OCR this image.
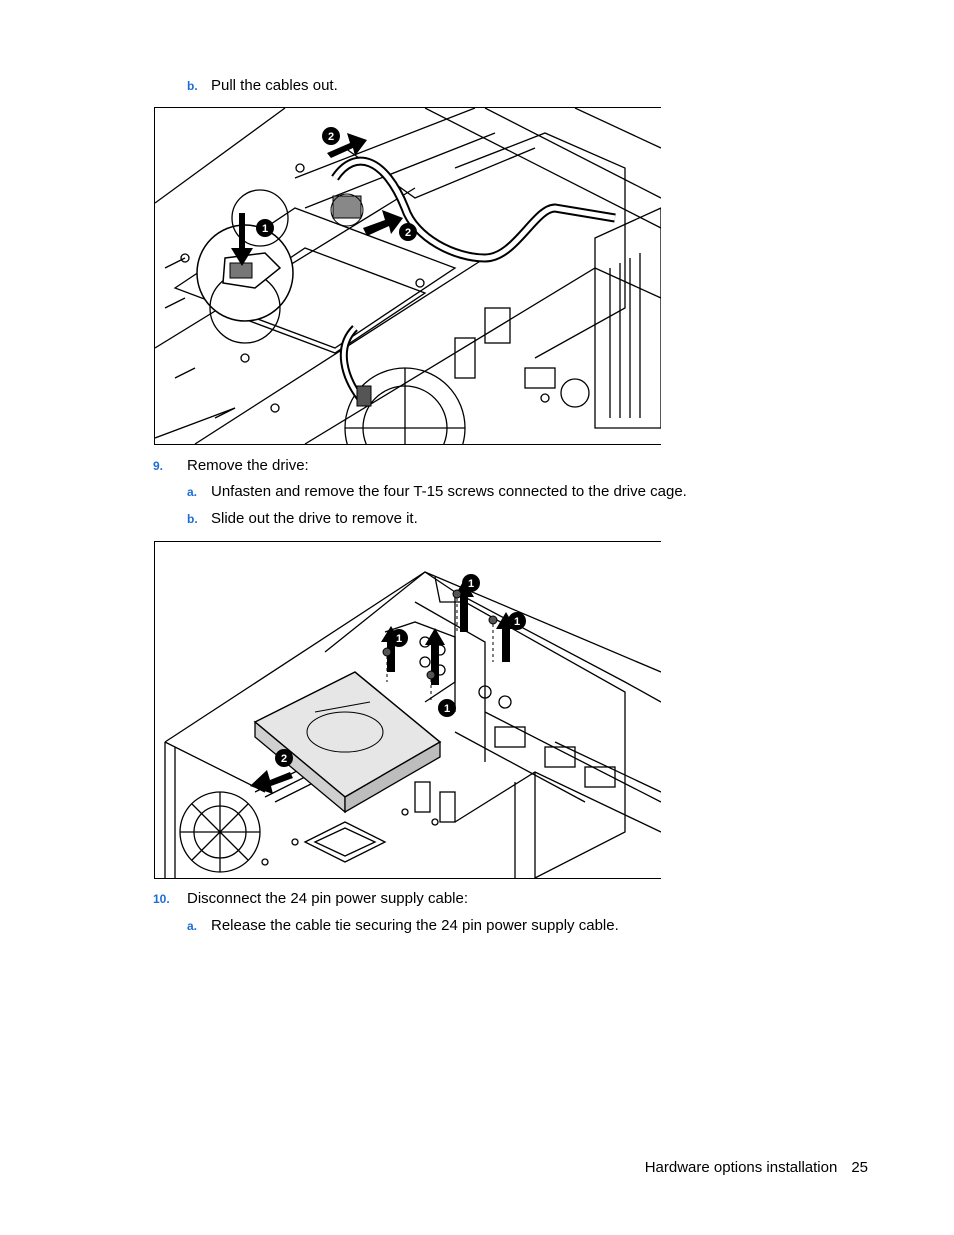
b. Pull the cables out.
1
2
2
9. Remove the drive:
a. Unfasten and remove the four T-15 screws connected to the drive cage.
b. Slide out the drive to remove it.
1
1
1
1
2
10. Disconnect the 24 pin power supply cable:
a. Release the cable tie securing the 24 pin power supply cable.
Hardware options installation 25
